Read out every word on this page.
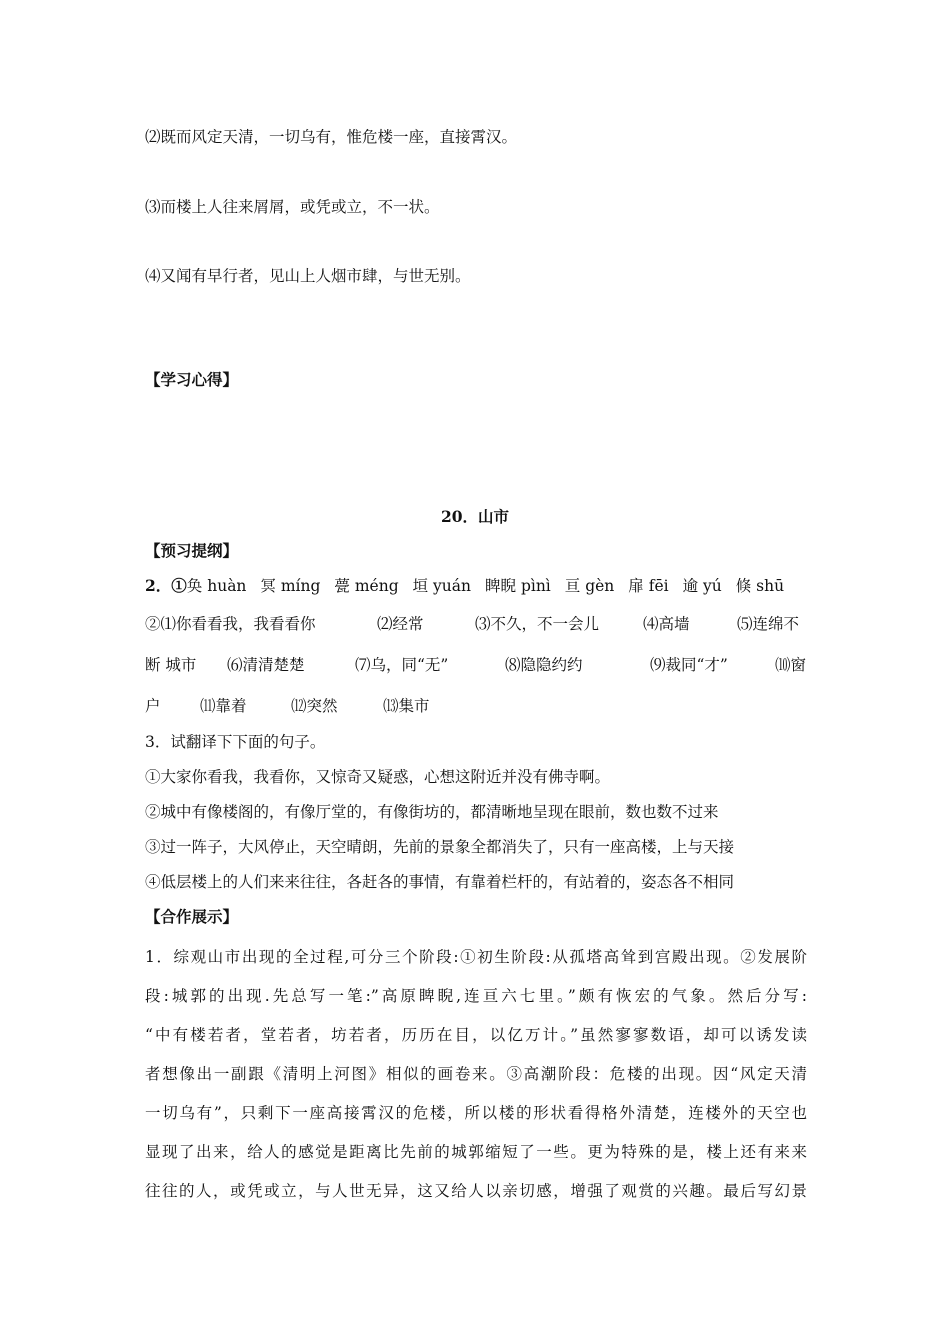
⑵既而风定天清，一切乌有，惟危楼一座，直接霄汉。
⑶而楼上人往来屑屑，或凭或立，不一状。
⑷又闻有早行者，见山上人烟市肆，与世无别。
【学习心得】
20．山市
【预习提纲】
2．①奂 huàn 冥 míng 甍 méng 垣 yuán 睥睨 pìnì 亘 gèn 扉 fēi 逾 yú 倏 shū
②⑴你看看我，我看看你	⑵经常	⑶不久，不一会儿	⑷高墙	⑸连绵不
断 城市 ⑹清清楚楚	⑺乌，同“无”	⑻隐隐约约	⑼裁同“才”	⑽窗
户	⑾靠着	⑿突然	⒀集市
3．试翻译下下面的句子。
①大家你看我，我看你，又惊奇又疑惑，心想这附近并没有佛寺啊。
②城中有像楼阁的，有像厅堂的，有像街坊的，都清晰地呈现在眼前，数也数不过来
③过一阵子，大风停止，天空晴朗，先前的景象全都消失了，只有一座高楼，上与天接
④低层楼上的人们来来往往，各赶各的事情，有靠着栏杆的，有站着的，姿态各不相同
【合作展示】
1．综观山市出现的全过程,可分三个阶段:①初生阶段:从孤塔高耸到宫殿出现。②发展阶
段:城郭的出现.先总写一笔:”高原睥睨,连亘六七里。”颇有恢宏的气象。然后分写:
“中有楼若者，堂若者，坊若者，历历在目，以亿万计。”虽然寥寥数语，却可以诱发读
者想像出一副跟《清明上河图》相似的画卷来。③高潮阶段：危楼的出现。因“风定天清
一切乌有”，只剩下一座高接霄汉的危楼，所以楼的形状看得格外清楚，连楼外的天空也
显现了出来，给人的感觉是距离比先前的城郭缩短了一些。更为特殊的是，楼上还有来来
往往的人，或凭或立，与人世无异，这又给人以亲切感，增强了观赏的兴趣。最后写幻景
